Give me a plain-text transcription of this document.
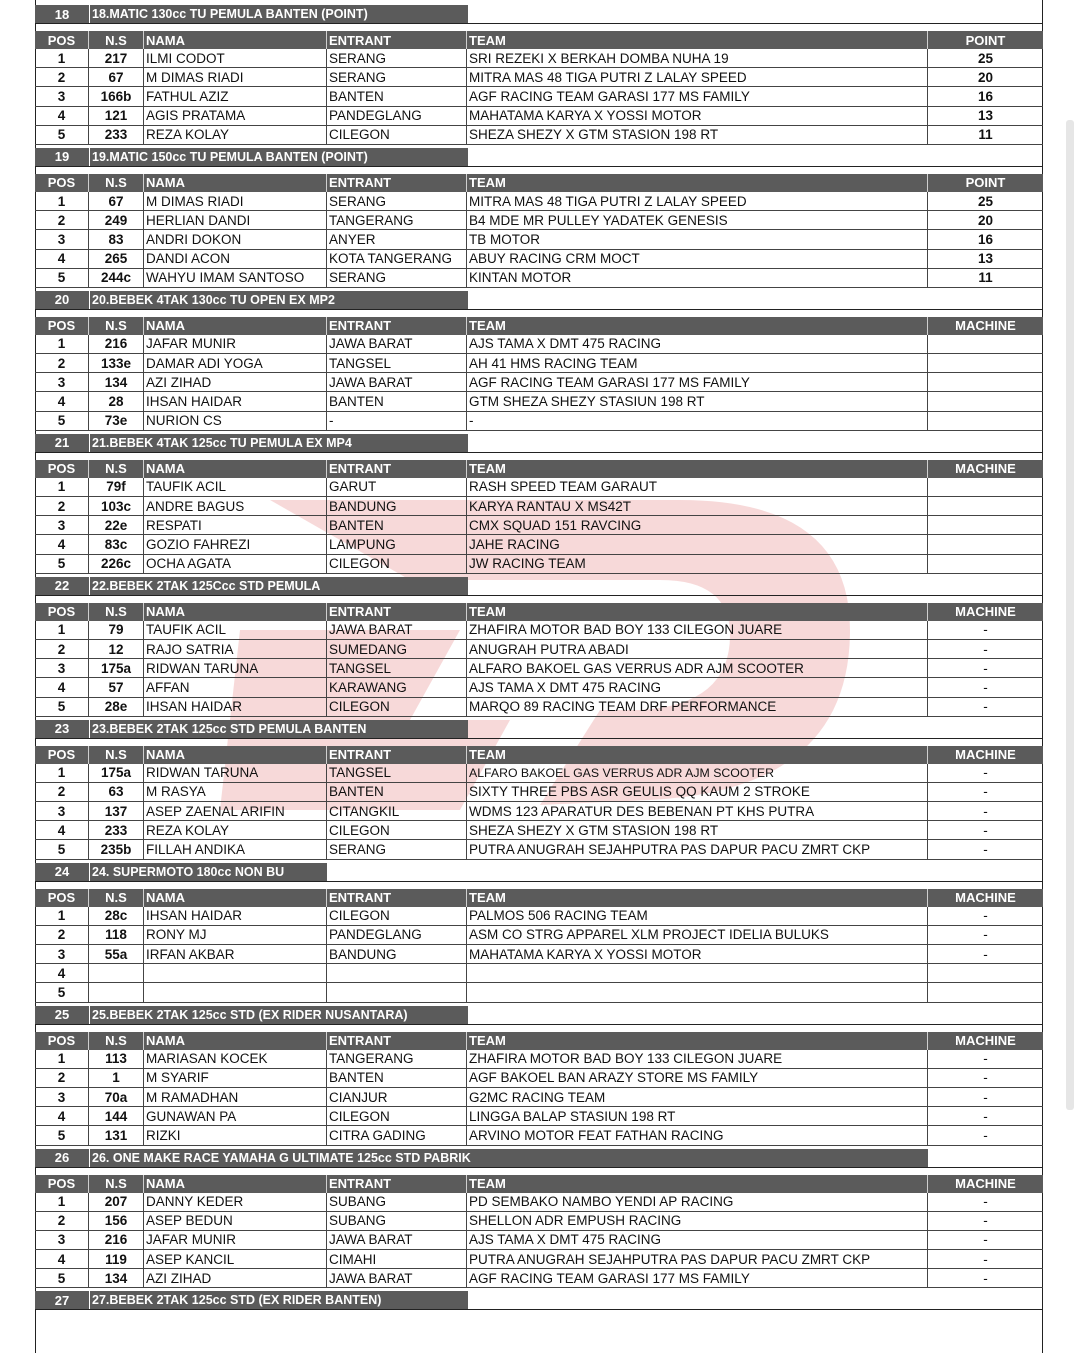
18	18.MATIC 130cc TU PEMULA BANTEN (POINT)
POS	N.S	NAMA	ENTRANT	TEAM	POINT
1	217	ILMI CODOT	SERANG	SRI REZEKI X BERKAH DOMBA NUHA 19	25
2	67	M DIMAS RIADI	SERANG	MITRA MAS 48 TIGA PUTRI Z LALAY SPEED	20
3	166b	FATHUL AZIZ	BANTEN	AGF RACING TEAM GARASI 177 MS FAMILY	16
4	121	AGIS PRATAMA	PANDEGLANG	MAHATAMA KARYA X YOSSI MOTOR	13
5	233	REZA KOLAY	CILEGON	SHEZA SHEZY X GTM STASION 198 RT	11
19	19.MATIC 150cc TU PEMULA BANTEN (POINT)
POS	N.S	NAMA	ENTRANT	TEAM	POINT
1	67	M DIMAS RIADI	SERANG	MITRA MAS 48 TIGA PUTRI Z LALAY SPEED	25
2	249	HERLIAN DANDI	TANGERANG	B4 MDE MR PULLEY YADATEK GENESIS	20
3	83	ANDRI DOKON	ANYER	TB MOTOR	16
4	265	DANDI ACON	KOTA TANGERANG	ABUY RACING CRM MOCT	13
5	244c	WAHYU IMAM SANTOSO	SERANG	KINTAN MOTOR	11
20	20.BEBEK 4TAK 130cc TU OPEN EX MP2
POS	N.S	NAMA	ENTRANT	TEAM	MACHINE
1	216	JAFAR MUNIR	JAWA BARAT	AJS TAMA X DMT 475 RACING
2	133e	DAMAR ADI YOGA	TANGSEL	AH 41 HMS RACING TEAM
3	134	AZI ZIHAD	JAWA BARAT	AGF RACING TEAM GARASI 177 MS FAMILY
4	28	IHSAN HAIDAR	BANTEN	GTM SHEZA SHEZY STASIUN 198 RT
5	73e	NURION CS	-	-
21	21.BEBEK 4TAK 125cc TU PEMULA EX MP4
POS	N.S	NAMA	ENTRANT	TEAM	MACHINE
1	79f	TAUFIK ACIL	GARUT	RASH SPEED TEAM GARAUT
2	103c	ANDRE BAGUS	BANDUNG	KARYA RANTAU X MS42T
3	22e	RESPATI	BANTEN	CMX SQUAD 151 RAVCING
4	83c	GOZIO FAHREZI	LAMPUNG	JAHE RACING
5	226c	OCHA AGATA	CILEGON	JW RACING TEAM
22	22.BEBEK 2TAK 125Ccc STD PEMULA
POS	N.S	NAMA	ENTRANT	TEAM	MACHINE
1	79	TAUFIK ACIL	JAWA BARAT	ZHAFIRA MOTOR BAD BOY 133 CILEGON JUARE	-
2	12	RAJO SATRIA	SUMEDANG	ANUGRAH PUTRA ABADI	-
3	175a	RIDWAN TARUNA	TANGSEL	ALFARO BAKOEL GAS VERRUS ADR AJM SCOOTER	-
4	57	AFFAN	KARAWANG	AJS TAMA X DMT 475 RACING	-
5	28e	IHSAN HAIDAR	CILEGON	MARQO 89 RACING TEAM DRF PERFORMANCE	-
23	23.BEBEK 2TAK 125cc STD PEMULA BANTEN
POS	N.S	NAMA	ENTRANT	TEAM	MACHINE
1	175a	RIDWAN TARUNA	TANGSEL	ALFARO BAKOEL GAS VERRUS ADR AJM SCOOTER	-
2	63	M RASYA	BANTEN	SIXTY THREE PBS ASR GEULIS QQ KAUM 2 STROKE	-
3	137	ASEP ZAENAL ARIFIN	CITANGKIL	WDMS 123 APARATUR DES BEBENAN PT KHS PUTRA	-
4	233	REZA KOLAY	CILEGON	SHEZA SHEZY X GTM STASION 198 RT	-
5	235b	FILLAH ANDIKA	SERANG	PUTRA ANUGRAH SEJAHPUTRA PAS DAPUR PACU ZMRT CKP	-
24	24. SUPERMOTO 180cc NON BU
POS	N.S	NAMA	ENTRANT	TEAM	MACHINE
1	28c	IHSAN HAIDAR	CILEGON	PALMOS 506 RACING TEAM	-
2	118	RONY MJ	PANDEGLANG	ASM CO STRG APPAREL XLM PROJECT IDELIA BULUKS	-
3	55a	IRFAN AKBAR	BANDUNG	MAHATAMA KARYA X YOSSI MOTOR	-
4
5
25	25.BEBEK 2TAK 125cc STD (EX RIDER NUSANTARA)
POS	N.S	NAMA	ENTRANT	TEAM	MACHINE
1	113	MARIASAN KOCEK	TANGERANG	ZHAFIRA MOTOR BAD BOY 133 CILEGON JUARE	-
2	1	M SYARIF	BANTEN	AGF BAKOEL BAN ARAZY STORE MS FAMILY	-
3	70a	M RAMADHAN	CIANJUR	G2MC RACING TEAM	-
4	144	GUNAWAN PA	CILEGON	LINGGA BALAP STASIUN 198 RT	-
5	131	RIZKI	CITRA GADING	ARVINO MOTOR FEAT FATHAN RACING	-
26	26. ONE MAKE RACE YAMAHA G ULTIMATE 125cc STD PABRIK
POS	N.S	NAMA	ENTRANT	TEAM	MACHINE
1	207	DANNY KEDER	SUBANG	PD SEMBAKO NAMBO YENDI AP RACING	-
2	156	ASEP BEDUN	SUBANG	SHELLON ADR EMPUSH RACING	-
3	216	JAFAR MUNIR	JAWA BARAT	AJS TAMA X DMT 475 RACING	-
4	119	ASEP KANCIL	CIMAHI	PUTRA ANUGRAH SEJAHPUTRA PAS DAPUR PACU ZMRT CKP	-
5	134	AZI ZIHAD	JAWA BARAT	AGF RACING TEAM GARASI 177 MS FAMILY	-
27	27.BEBEK 2TAK 125cc STD (EX RIDER BANTEN)
